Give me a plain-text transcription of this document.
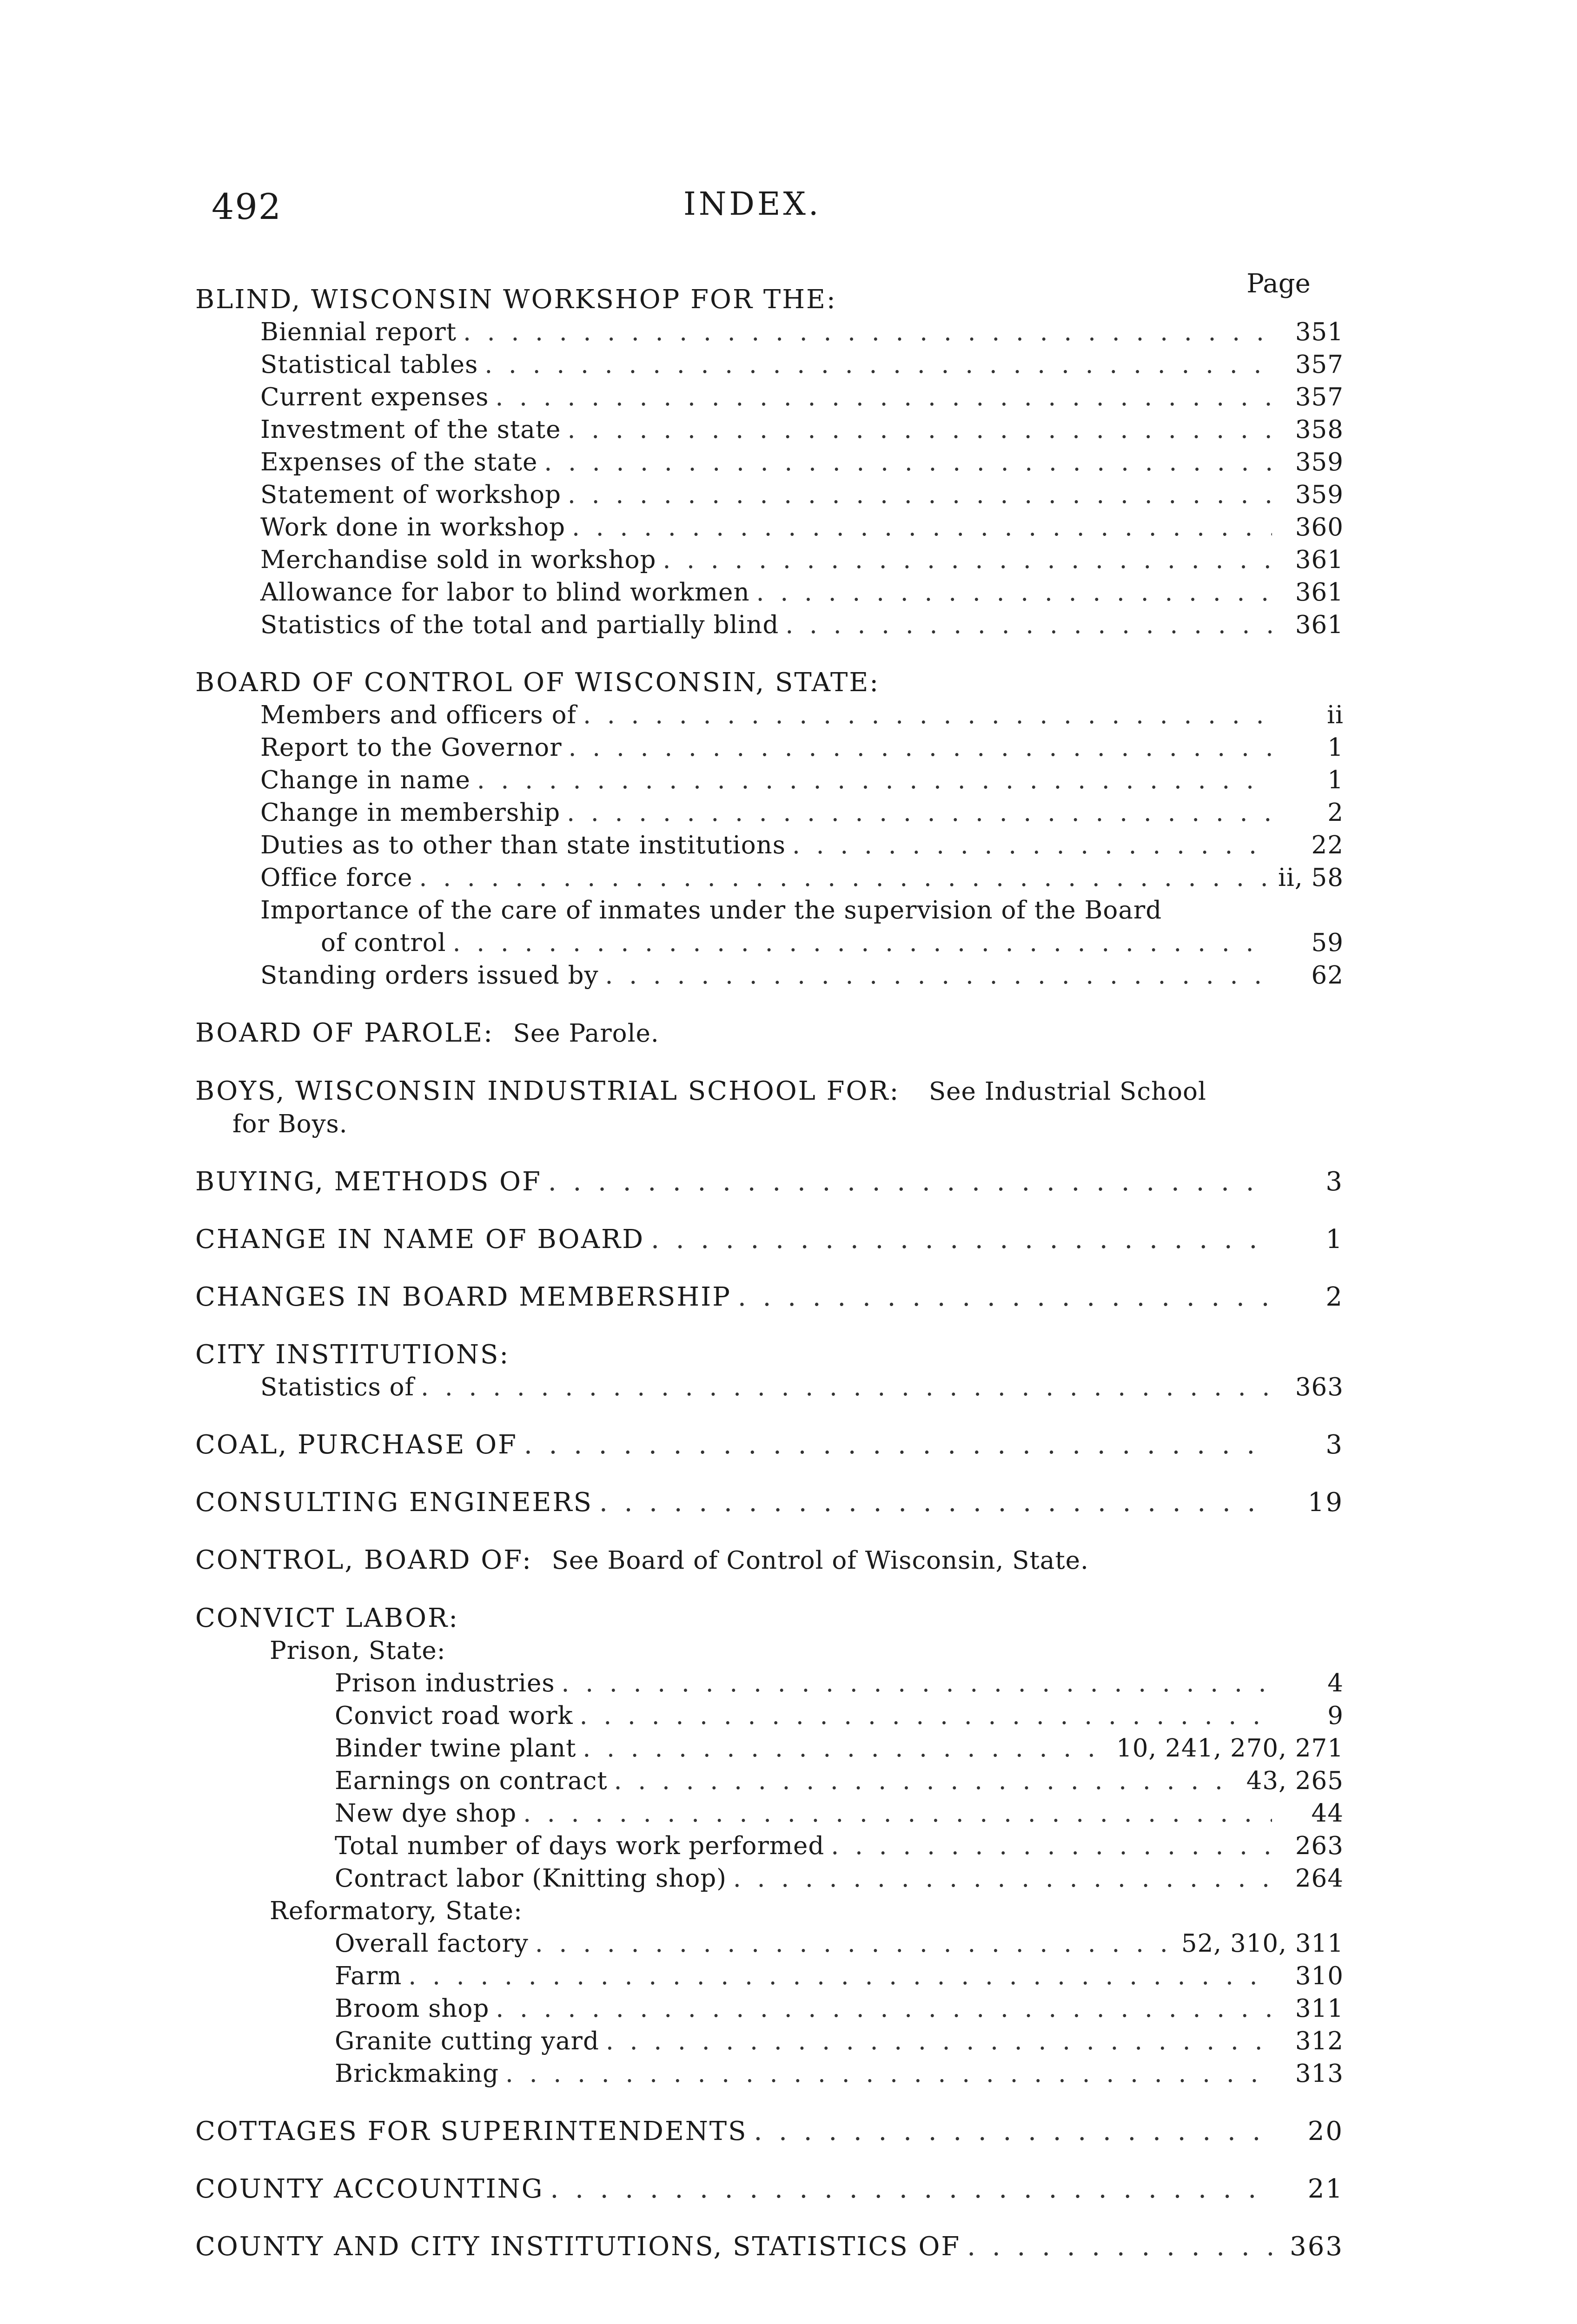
492	INDEX.
Page
BLIND, WISCONSIN WORKSHOP FOR THE:
Biennial report . . .	351
Statistical tables . . .	357
Current expenses . . .	357
Investment of the state . . .	358
Expenses of the state . . .	359
Statement of workshop . . .	359
Work done in workshop . . .	360
Merchandise sold in workshop . . .	361
Allowance for labor to blind workmen . . .	361
Statistics of the total and partially blind . . .	361
BOARD OF CONTROL OF WISCONSIN, STATE:
Members and officers of . . .	ii
Report to the Governor . . .	1
Change in name . . .	1
Change in membership . . .	2
Duties as to other than state institutions . . .	22
Office force . . .	ii, 58
Importance of the care of inmates under the supervision of the Board
of control . . .	59
Standing orders issued by . . .	62
BOARD OF PAROLE: See Parole.
BOYS, WISCONSIN INDUSTRIAL SCHOOL FOR: See Industrial School
for Boys.
BUYING, METHODS OF . . .	3
CHANGE IN NAME OF BOARD . . .	1
CHANGES IN BOARD MEMBERSHIP . . .	2
CITY INSTITUTIONS:
Statistics of . . .	363
COAL, PURCHASE OF . . .	3
CONSULTING ENGINEERS . . .	19
CONTROL, BOARD OF: See Board of Control of Wisconsin, State.
CONVICT LABOR:
Prison, State:
Prison industries . . .	4
Convict road work . . .	9
Binder twine plant . . .	10, 241, 270, 271
Earnings on contract . . .	43, 265
New dye shop . . .	44
Total number of days work performed . . .	263
Contract labor (Knitting shop) . . .	264
Reformatory, State:
Overall factory . . .	52, 310, 311
Farm . . .	310
Broom shop . . .	311
Granite cutting yard . . .	312
Brickmaking . . .	313
COTTAGES FOR SUPERINTENDENTS . . .	20
COUNTY ACCOUNTING . . .	21
COUNTY AND CITY INSTITUTIONS, STATISTICS OF . . .	363
